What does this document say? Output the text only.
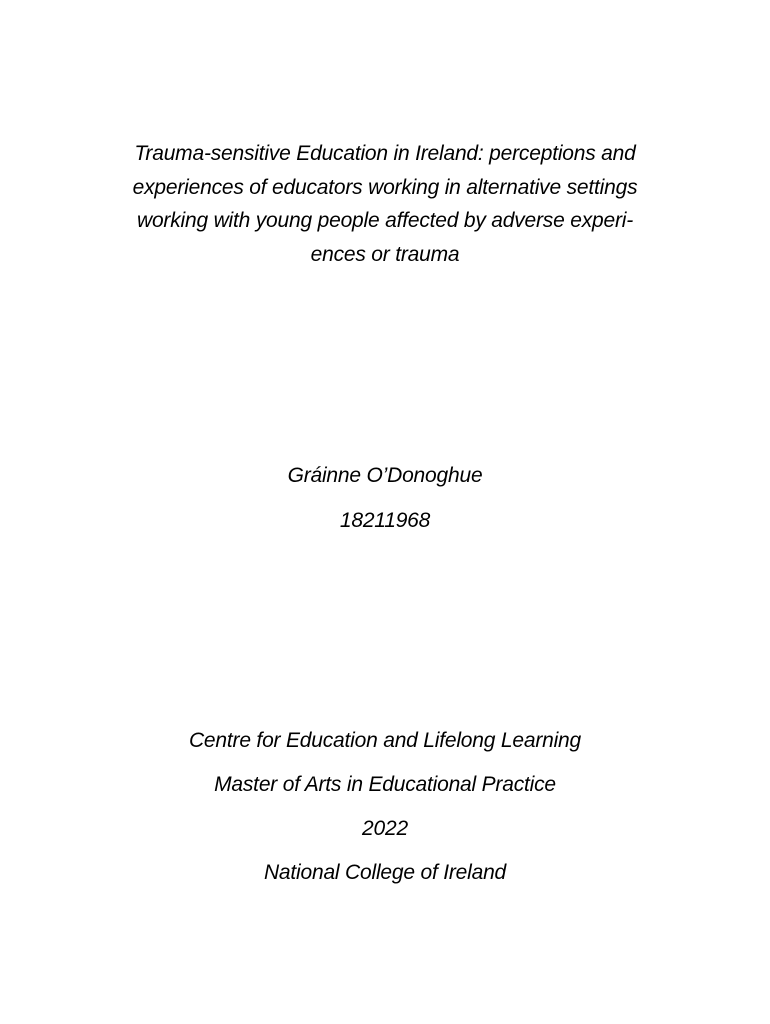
Trauma-sensitive Education in Ireland: perceptions and
experiences of educators working in alternative settings
working with young people affected by adverse experi-
ences or trauma
Gráinne O’Donoghue
18211968
Centre for Education and Lifelong Learning
Master of Arts in Educational Practice
2022
National College of Ireland
